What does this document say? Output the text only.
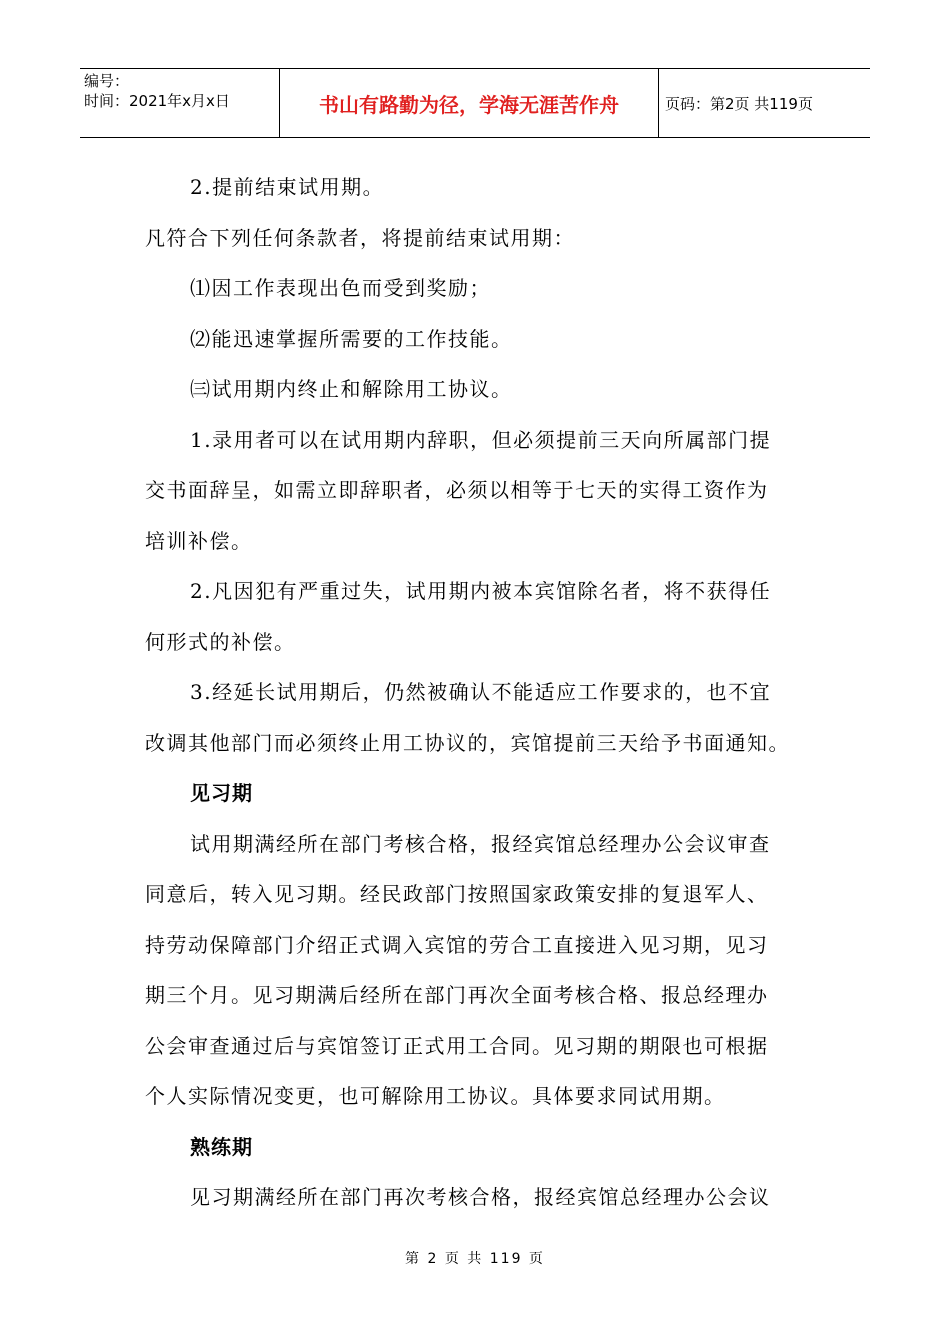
编号：
时间：2021年x月x日	书山有路勤为径，学海无涯苦作舟	页码：第2页 共119页
2.提前结束试用期。
凡符合下列任何条款者，将提前结束试用期：
⑴因工作表现出色而受到奖励；
⑵能迅速掌握所需要的工作技能。
㈢试用期内终止和解除用工协议。
1.录用者可以在试用期内辞职，但必须提前三天向所属部门提
交书面辞呈，如需立即辞职者，必须以相等于七天的实得工资作为
培训补偿。
2.凡因犯有严重过失，试用期内被本宾馆除名者，将不获得任
何形式的补偿。
3.经延长试用期后，仍然被确认不能适应工作要求的，也不宜
改调其他部门而必须终止用工协议的，宾馆提前三天给予书面通知。
见习期
试用期满经所在部门考核合格，报经宾馆总经理办公会议审查
同意后，转入见习期。经民政部门按照国家政策安排的复退军人、
持劳动保障部门介绍正式调入宾馆的劳合工直接进入见习期，见习
期三个月。见习期满后经所在部门再次全面考核合格、报总经理办
公会审查通过后与宾馆签订正式用工合同。见习期的期限也可根据
个人实际情况变更，也可解除用工协议。具体要求同试用期。
熟练期
见习期满经所在部门再次考核合格，报经宾馆总经理办公会议
第 2 页 共 119 页
